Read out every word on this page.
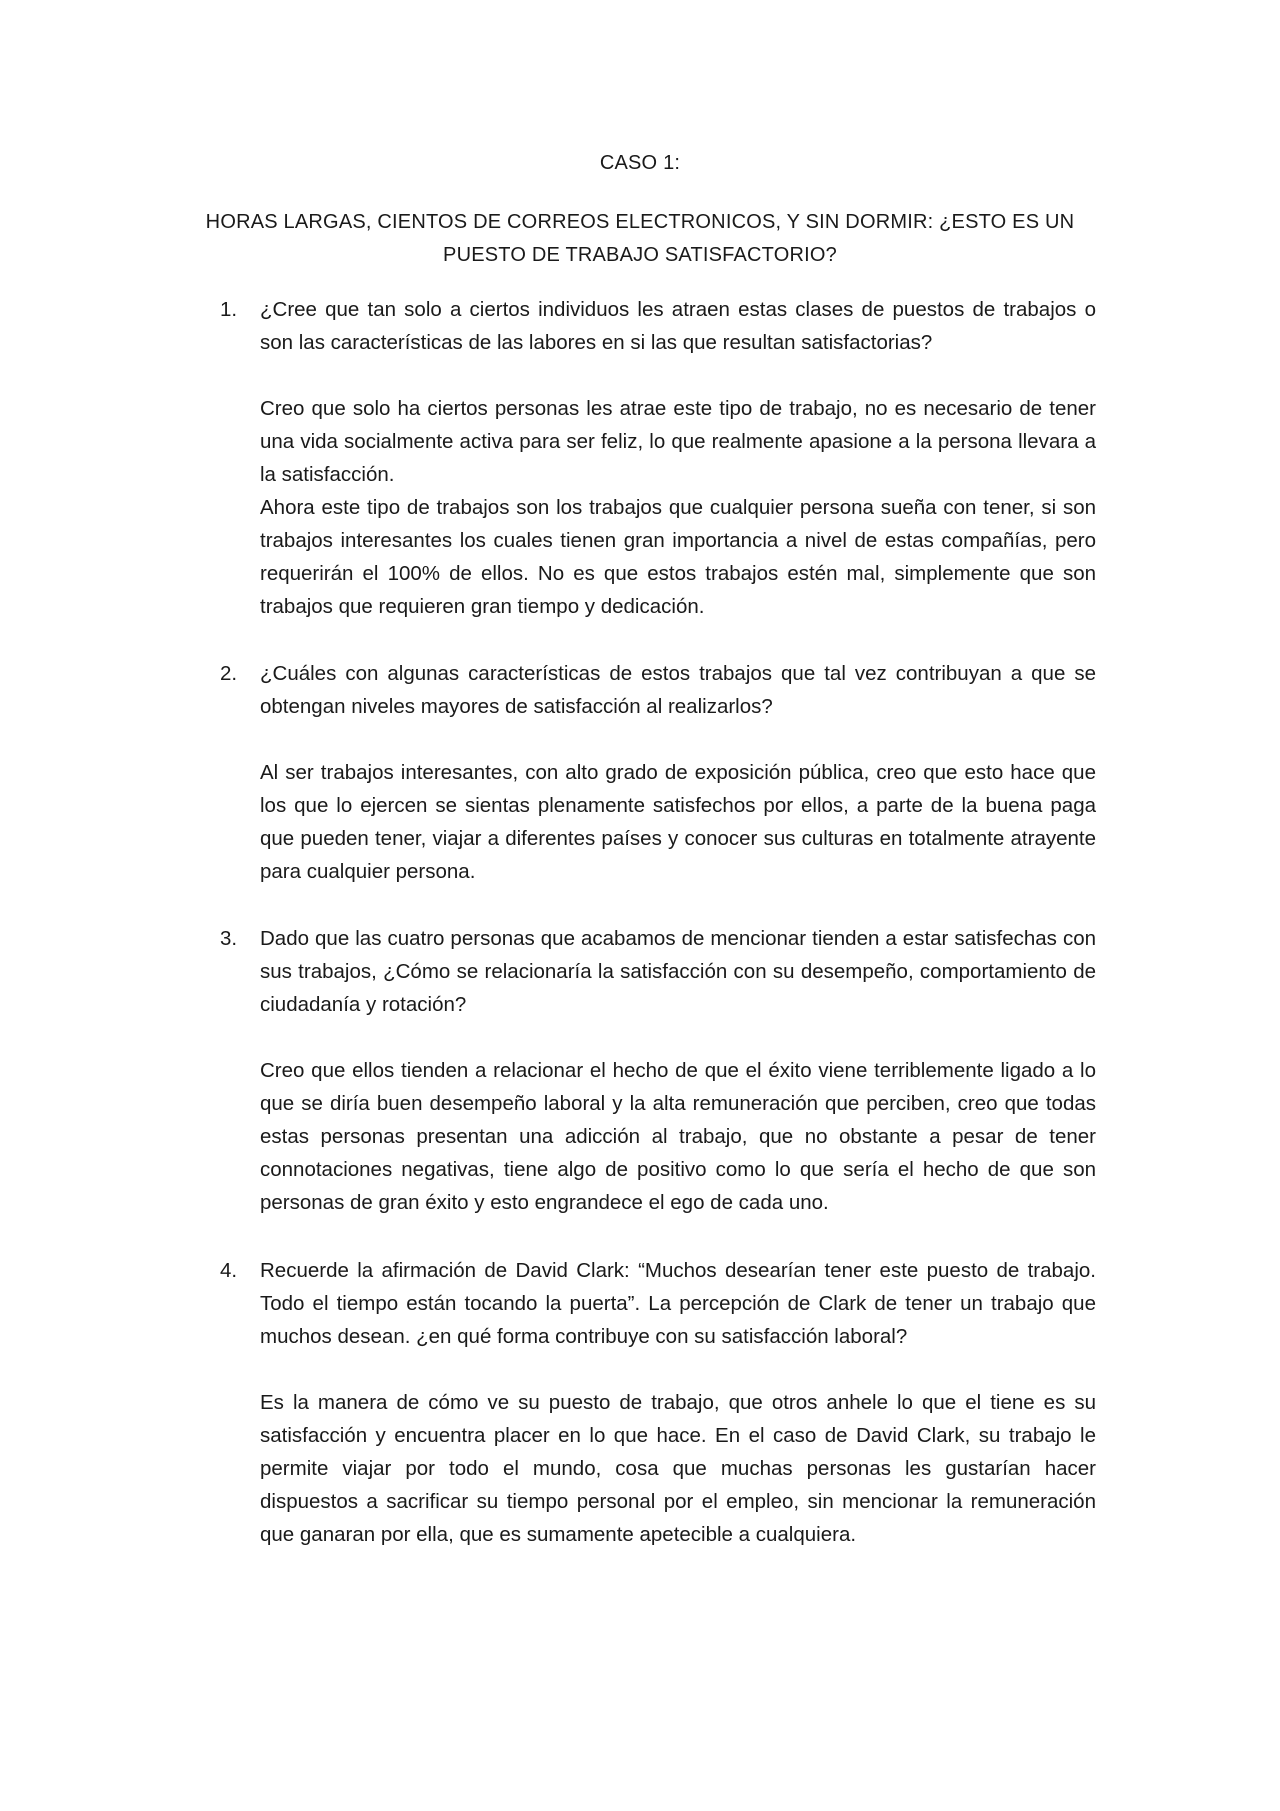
CASO 1:
HORAS LARGAS, CIENTOS DE CORREOS ELECTRONICOS, Y SIN DORMIR: ¿ESTO ES UN PUESTO DE TRABAJO SATISFACTORIO?
1.	¿Cree que tan solo a ciertos individuos les atraen estas clases de puestos de trabajos o son las características de las labores en si las que resultan satisfactorias?

Creo que solo ha ciertos personas les atrae este tipo de trabajo, no es necesario de tener una vida socialmente activa para ser feliz, lo que realmente apasione a la persona llevara a la satisfacción.

Ahora este tipo de trabajos son los trabajos que cualquier persona sueña con tener, si son trabajos interesantes los cuales tienen gran importancia a nivel de estas compañías, pero requerirán el 100% de ellos. No es que estos trabajos estén mal, simplemente que son trabajos que requieren gran tiempo y dedicación.

2.	¿Cuáles con algunas características de estos trabajos que tal vez contribuyan a que se obtengan niveles mayores de satisfacción al realizarlos?

Al ser trabajos interesantes, con alto grado de exposición pública, creo que esto hace que los que lo ejercen se sientas plenamente satisfechos por ellos, a parte de la buena paga que pueden tener, viajar a diferentes países y conocer sus culturas en totalmente atrayente para cualquier persona.

3.	Dado que las cuatro personas que acabamos de mencionar tienden a estar satisfechas con sus trabajos, ¿Cómo se relacionaría la satisfacción con su desempeño, comportamiento de ciudadanía y rotación?

Creo que ellos tienden a relacionar el hecho de que el éxito viene terriblemente ligado a lo que se diría buen desempeño laboral y la alta remuneración que perciben, creo que todas estas personas presentan una adicción al trabajo, que no obstante a pesar de tener connotaciones negativas, tiene algo de positivo como lo que sería el hecho de que son personas de gran éxito y esto engrandece el ego de cada uno.

4.	Recuerde la afirmación de David Clark: “Muchos desearían tener este puesto de trabajo. Todo el tiempo están tocando la puerta”. La percepción de Clark de tener un trabajo que muchos desean. ¿en qué forma contribuye con su satisfacción laboral?

Es la manera de cómo ve su puesto de trabajo, que otros anhele lo que el tiene es su satisfacción y encuentra placer en lo que hace. En el caso de David Clark, su trabajo le permite viajar por todo el mundo, cosa que muchas personas les gustarían hacer dispuestos a sacrificar su tiempo personal por el empleo, sin mencionar la remuneración que ganaran por ella, que es sumamente apetecible a cualquiera.
